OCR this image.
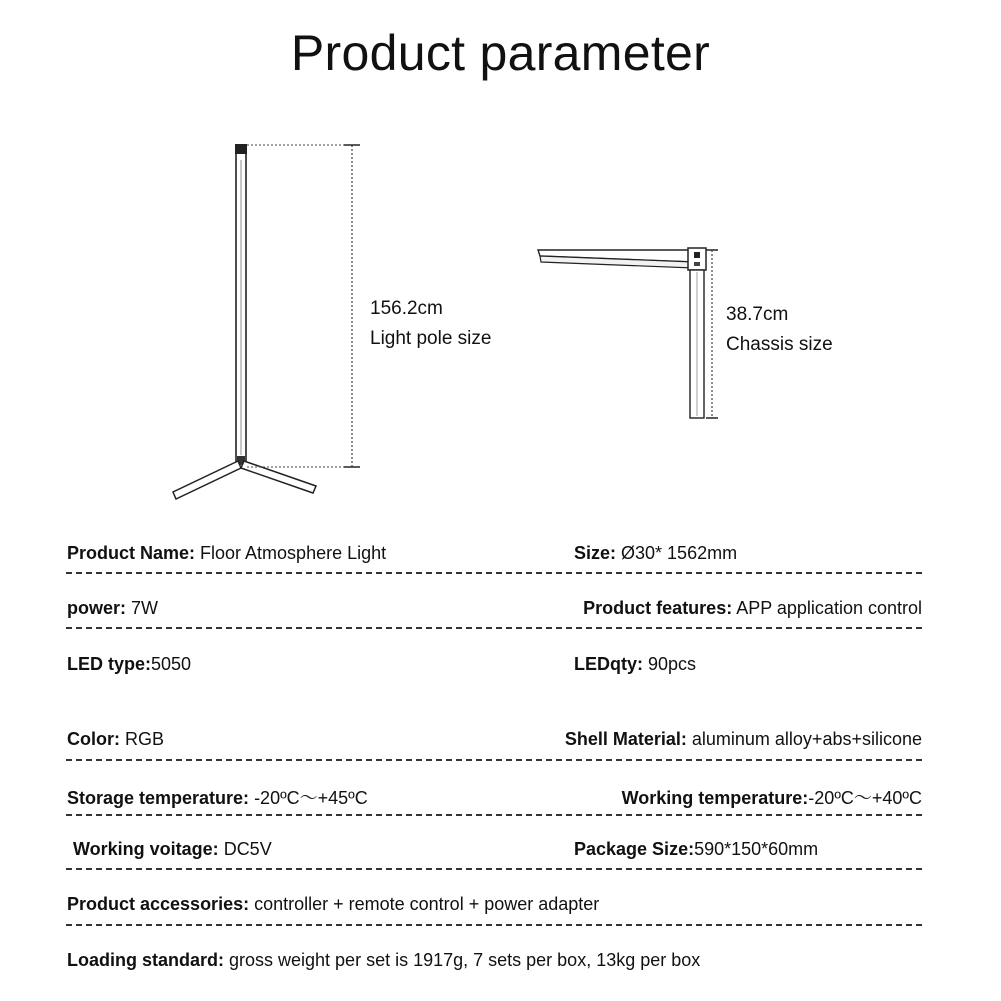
Product parameter
156.2cm
Light pole size
38.7cm
Chassis size
Product Name: Floor Atmosphere Light	Size: Ø30* 1562mm
power: 7W	Product features: APP application control
LED type:5050	LEDqty: 90pcs
Color: RGB	Shell Material: aluminum alloy+abs+silicone
Storage temperature: -20ºC～+45ºC	Working temperature:-20ºC～+40ºC
Working voitage: DC5V	Package Size:590*150*60mm
Product accessories: controller + remote control + power adapter
Loading standard: gross weight per set is 1917g, 7 sets per box, 13kg per box
